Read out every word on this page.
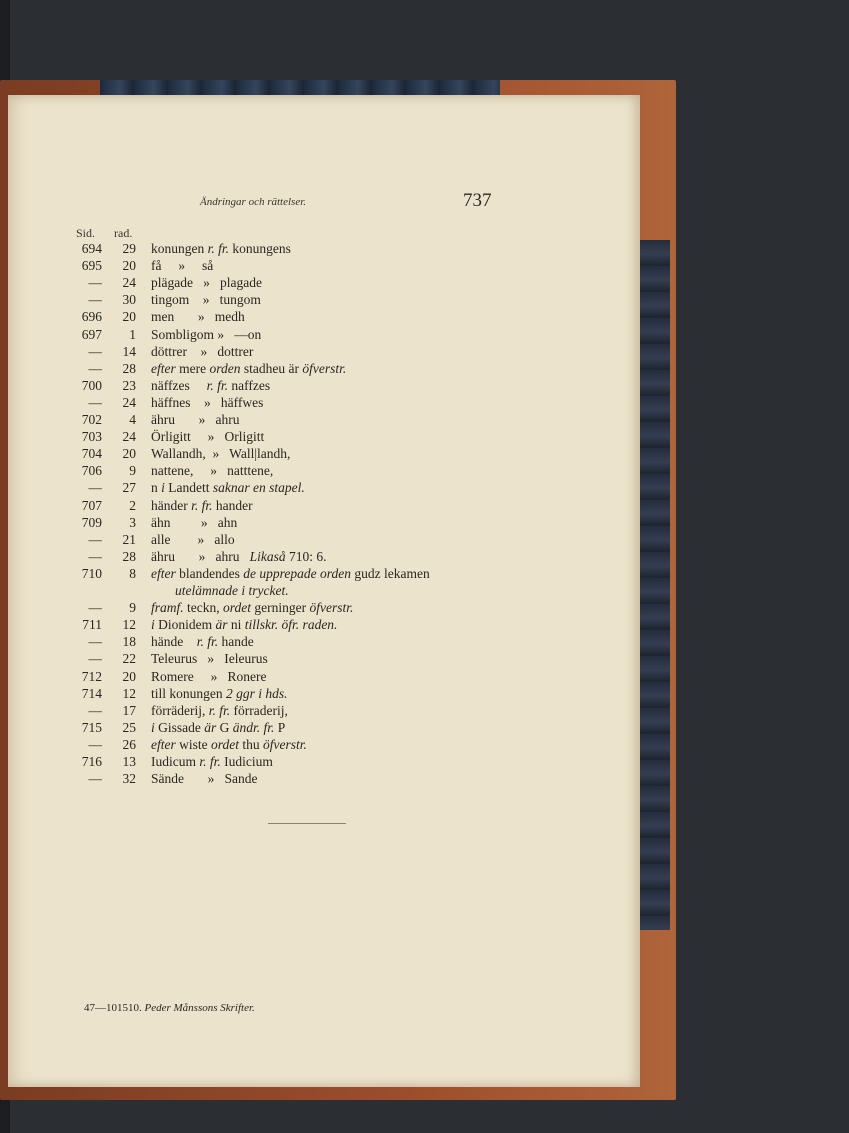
Ändringar och rättelser.	737
Sid. rad.
694	29 konungen r. fr. konungens
695	20 få     »     så
—	24 plägade   »   plagade
—	30 tingom    »   tungom
696	20 men       »   medh
697	1 Sombligom »   —on
—	14 döttrer    »   dottrer
—	28 efter mere orden stadheu är öfverstr.
700	23 näffzes r. fr. naffzes
—	24 häffnes    »   häffwes
702	4 ähru       »   ahru
703	24 Örligitt     »   Orligitt
704	20 Wallandh,  »   Wall|landh,
706	9 nattene,     »   natttene,
—	27 n i Landett saknar en stapel.
707	2 händer r. fr. hander
709	3 ähn         »   ahn
—	21 alle        »   allo
—	28 ähru       »   ahru   Likaså 710: 6.
710	8 efter blandendes de upprepade orden gudz lekamen
utelämnade i trycket.
—	9 framf. teckn, ordet gerninger öfverstr.
711	12 i Dionidem är ni tillskr. öfr. raden.
—	18 hände    r. fr. hande
—	22 Teleurus   »   Ieleurus
712	20 Romere     »   Ronere
714	12 till konungen 2 ggr i hds.
—	17 förräderij, r. fr. förraderij,
715	25 i Gissade är G ändr. fr. P
—	26 efter wiste ordet thu öfverstr.
716	13 Iudicum r. fr. Iudicium
—	32 Sände       »   Sande
47—101510. Peder Månssons Skrifter.
